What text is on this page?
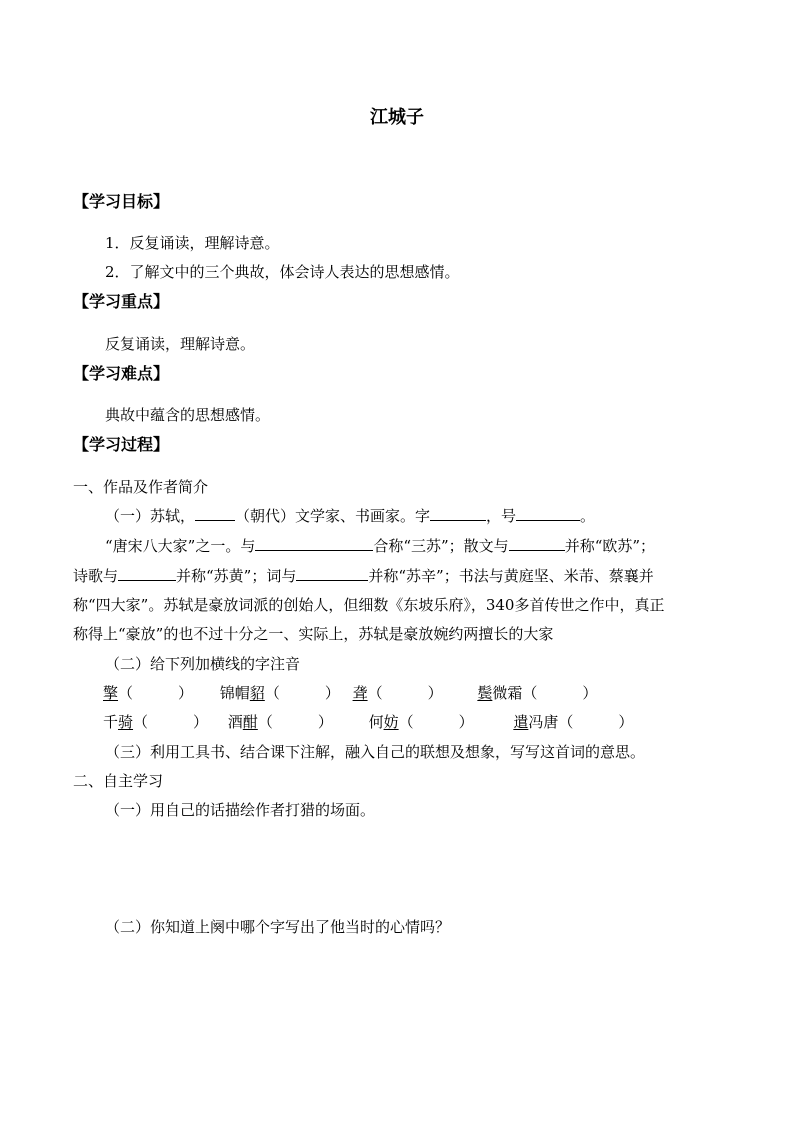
江城子
【学习目标】
1．反复诵读，理解诗意。
2．了解文中的三个典故，体会诗人表达的思想感情。
【学习重点】
反复诵读，理解诗意。
【学习难点】
典故中蕴含的思想感情。
【学习过程】
一、作品及作者简介
（一）苏轼，	（朝代）文学家、书画家。字	，号	。
“唐宋八大家”之一。与	合称“三苏”；散文与	并称“欧苏”；
诗歌与	并称“苏黄”；词与	并称“苏辛”；书法与黄庭坚、米芾、蔡襄并
称“四大家”。苏轼是豪放词派的创始人，但细数《东坡乐府》，340多首传世之作中，真正
称得上“豪放”的也不过十分之一、实际上，苏轼是豪放婉约两擅长的大家
（二）给下列加横线的字注音
擎（　　　） 锦帽貂（　　　） 聋（　　　） 鬓微霜（　　　）
千骑（　　　） 酒酣（　　　） 何妨（　　　）	遣冯唐（　　　）
（三）利用工具书、结合课下注解，融入自己的联想及想象，写写这首词的意思。
二、自主学习
（一）用自己的话描绘作者打猎的场面。
（二）你知道上阕中哪个字写出了他当时的心情吗？
